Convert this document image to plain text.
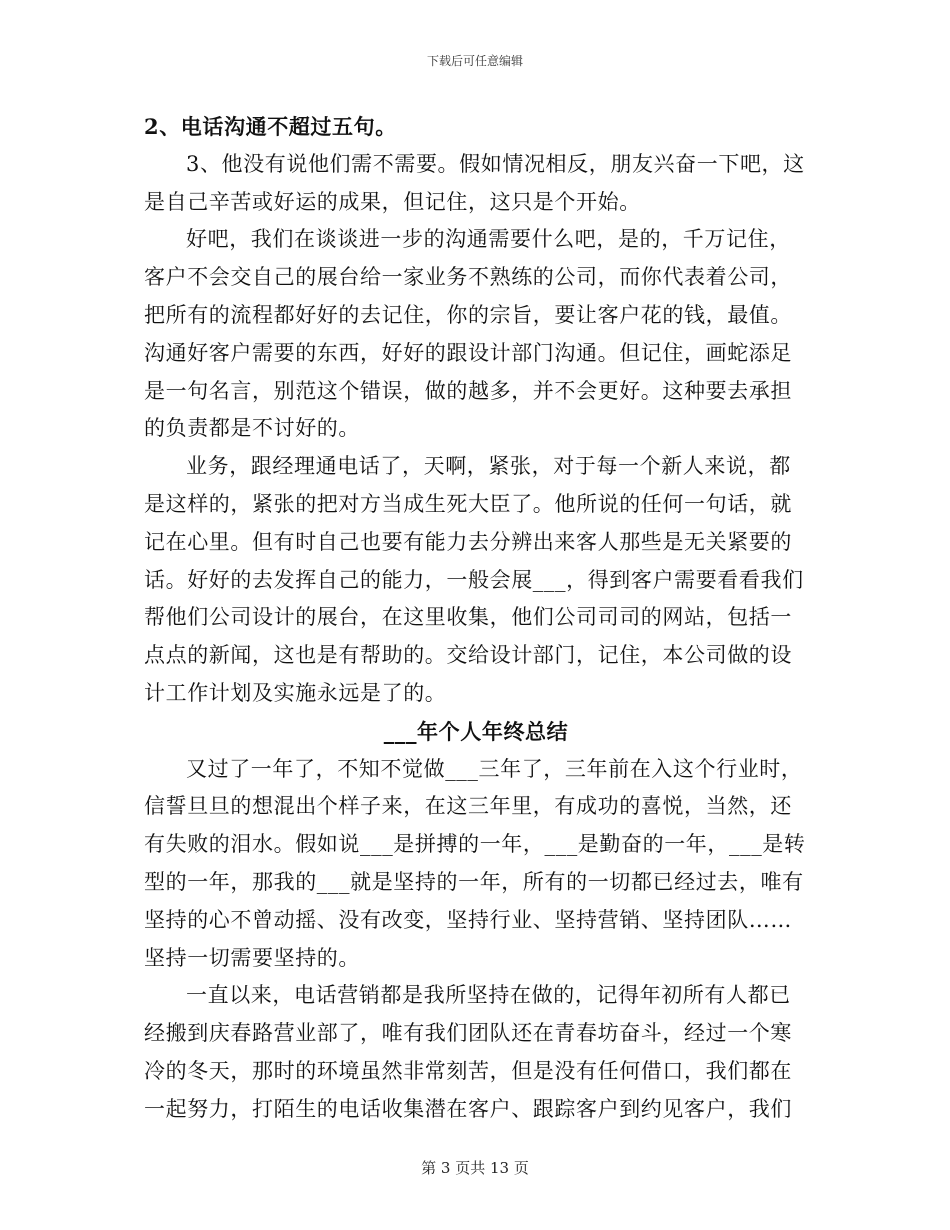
下载后可任意编辑
2、电话沟通不超过五句。
3、他没有说他们需不需要。假如情况相反，朋友兴奋一下吧，这
是自己辛苦或好运的成果，但记住，这只是个开始。
好吧，我们在谈谈进一步的沟通需要什么吧，是的，千万记住，
客户不会交自己的展台给一家业务不熟练的公司，而你代表着公司，
把所有的流程都好好的去记住，你的宗旨，要让客户花的钱，最值。
沟通好客户需要的东西，好好的跟设计部门沟通。但记住，画蛇添足
是一句名言，别范这个错误，做的越多，并不会更好。这种要去承担
的负责都是不讨好的。
业务，跟经理通电话了，天啊，紧张，对于每一个新人来说，都
是这样的，紧张的把对方当成生死大臣了。他所说的任何一句话，就
记在心里。但有时自己也要有能力去分辨出来客人那些是无关紧要的
话。好好的去发挥自己的能力，一般会展___，得到客户需要看看我们
帮他们公司设计的展台，在这里收集，他们公司司司的网站，包括一
点点的新闻，这也是有帮助的。交给设计部门，记住，本公司做的设
计工作计划及实施永远是了的。
___年个人年终总结
又过了一年了，不知不觉做___三年了，三年前在入这个行业时，
信誓旦旦的想混出个样子来，在这三年里，有成功的喜悦，当然，还
有失败的泪水。假如说___是拼搏的一年，___是勤奋的一年，___是转
型的一年，那我的___就是坚持的一年，所有的一切都已经过去，唯有
坚持的心不曾动摇、没有改变，坚持行业、坚持营销、坚持团队……
坚持一切需要坚持的。
一直以来，电话营销都是我所坚持在做的，记得年初所有人都已
经搬到庆春路营业部了，唯有我们团队还在青春坊奋斗，经过一个寒
冷的冬天，那时的环境虽然非常刻苦，但是没有任何借口，我们都在
一起努力，打陌生的电话收集潜在客户、跟踪客户到约见客户，我们
第 3 页共 13 页
